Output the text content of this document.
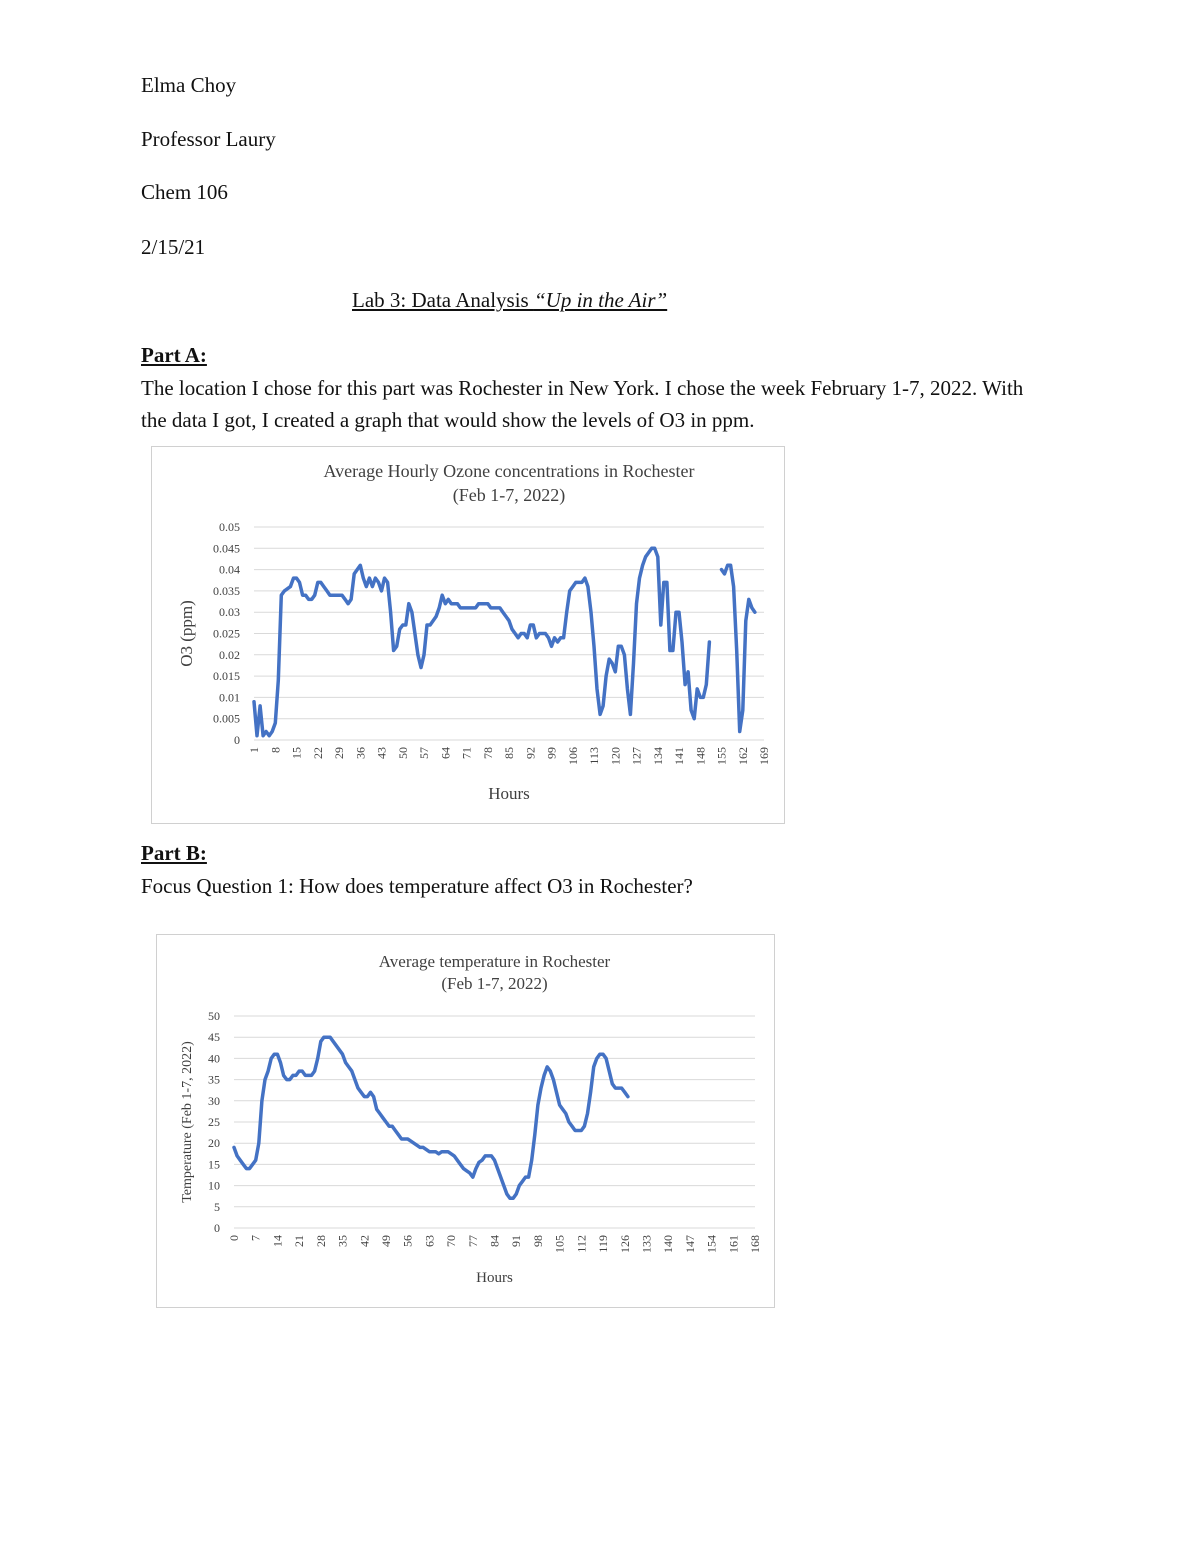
Elma Choy
Professor Laury
Chem 106
2/15/21
Lab 3: Data Analysis “Up in the Air”
Part A:
The location I chose for this part was Rochester in New York. I chose the week February 1-7, 2022. With the data I got, I created a graph that would show the levels of O3 in ppm.
Average Hourly Ozone concentrations in Rochester
(Feb 1-7, 2022)
0
0.005
0.01
0.015
0.02
0.025
0.03
0.035
0.04
0.045
0.05
1 8 15 22 29 36 43 50 57 64 71 78 85 92 99 106 113 120 127 134 141 148 155 162 169
Hours
O3 (ppm)
Part B:
Focus Question 1: How does temperature affect O3 in Rochester?
Average temperature in Rochester
(Feb 1-7, 2022)
0
5
10
15
20
25
30
35
40
45
50
0 7 14 21 28 35 42 49 56 63 70 77 84 91 98 105 112 119 126 133 140 147 154 161 168
Hours
Temperature (Feb 1-7, 2022)
